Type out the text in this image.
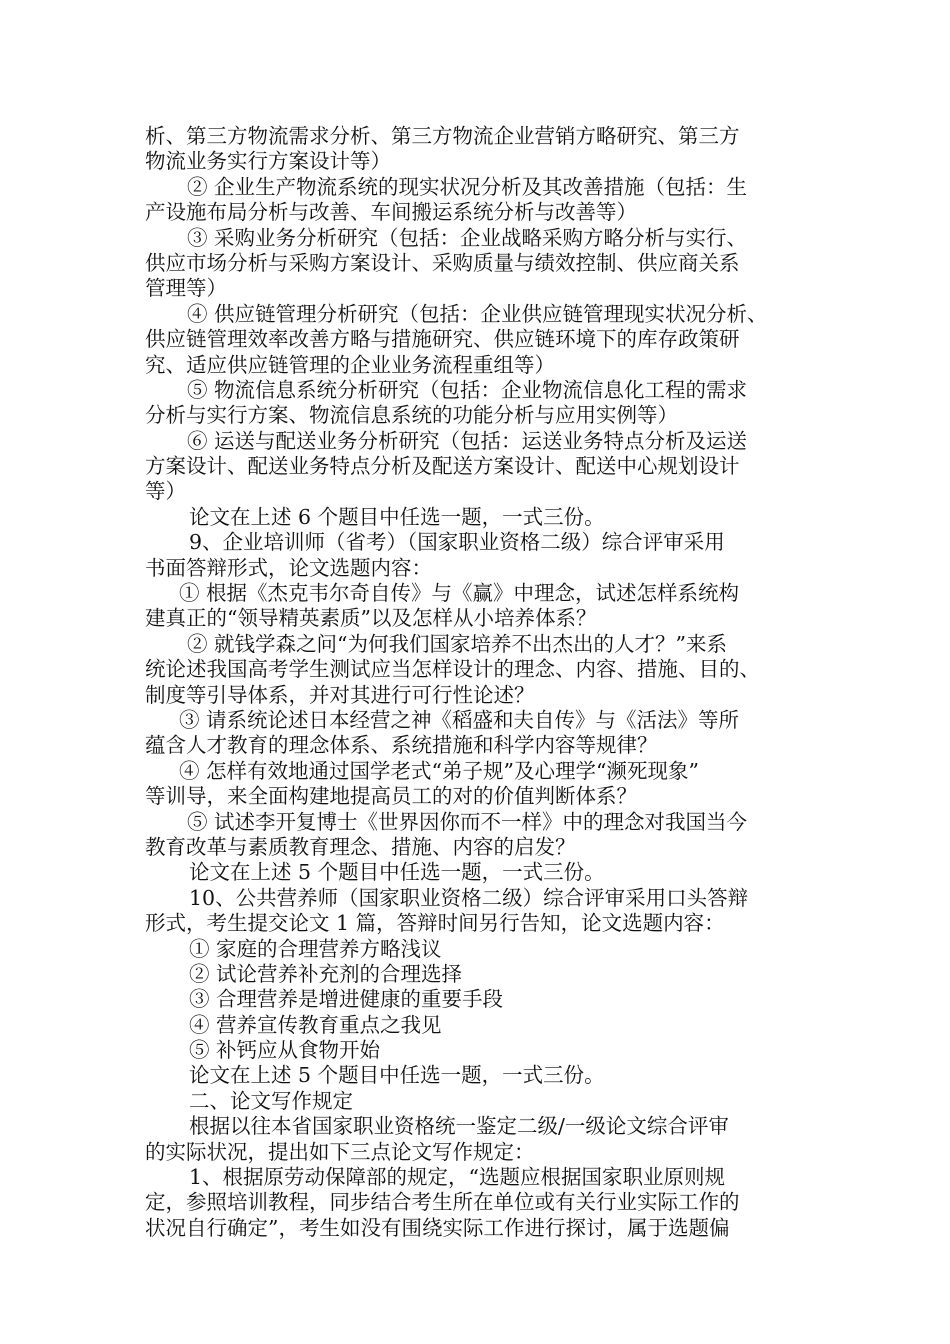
析、第三方物流需求分析、第三方物流企业营销方略研究、第三方
物流业务实行方案设计等）
② 企业生产物流系统的现实状况分析及其改善措施（包括：生
产设施布局分析与改善、车间搬运系统分析与改善等）
③ 采购业务分析研究（包括：企业战略采购方略分析与实行、
供应市场分析与采购方案设计、采购质量与绩效控制、供应商关系
管理等）
④ 供应链管理分析研究（包括：企业供应链管理现实状况分析、
供应链管理效率改善方略与措施研究、供应链环境下的库存政策研
究、适应供应链管理的企业业务流程重组等）
⑤ 物流信息系统分析研究（包括：企业物流信息化工程的需求
分析与实行方案、物流信息系统的功能分析与应用实例等）
⑥ 运送与配送业务分析研究（包括：运送业务特点分析及运送
方案设计、配送业务特点分析及配送方案设计、配送中心规划设计
等）
论文在上述 6 个题目中任选一题，一式三份。
9、企业培训师（省考）（国家职业资格二级）综合评审采用
书面答辩形式，论文选题内容：
① 根据《杰克韦尔奇自传》与《赢》中理念，试述怎样系统构
建真正的“领导精英素质”以及怎样从小培养体系？
② 就钱学森之问“为何我们国家培养不出杰出的人才？”来系
统论述我国高考学生测试应当怎样设计的理念、内容、措施、目的、
制度等引导体系，并对其进行可行性论述？
③ 请系统论述日本经营之神《稻盛和夫自传》与《活法》等所
蕴含人才教育的理念体系、系统措施和科学内容等规律？
④ 怎样有效地通过国学老式“弟子规”及心理学“濒死现象”
等训导，来全面构建地提高员工的对的价值判断体系？
⑤ 试述李开复博士《世界因你而不一样》中的理念对我国当今
教育改革与素质教育理念、措施、内容的启发？
论文在上述 5 个题目中任选一题，一式三份。
10、公共营养师（国家职业资格二级）综合评审采用口头答辩
形式，考生提交论文 1 篇，答辩时间另行告知，论文选题内容：
① 家庭的合理营养方略浅议
② 试论营养补充剂的合理选择
③ 合理营养是增进健康的重要手段
④ 营养宣传教育重点之我见
⑤ 补钙应从食物开始
论文在上述 5 个题目中任选一题，一式三份。
二、论文写作规定
根据以往本省国家职业资格统一鉴定二级/一级论文综合评审
的实际状况，提出如下三点论文写作规定：
1、根据原劳动保障部的规定，“选题应根据国家职业原则规
定，参照培训教程，同步结合考生所在单位或有关行业实际工作的
状况自行确定”，考生如没有围绕实际工作进行探讨，属于选题偏
